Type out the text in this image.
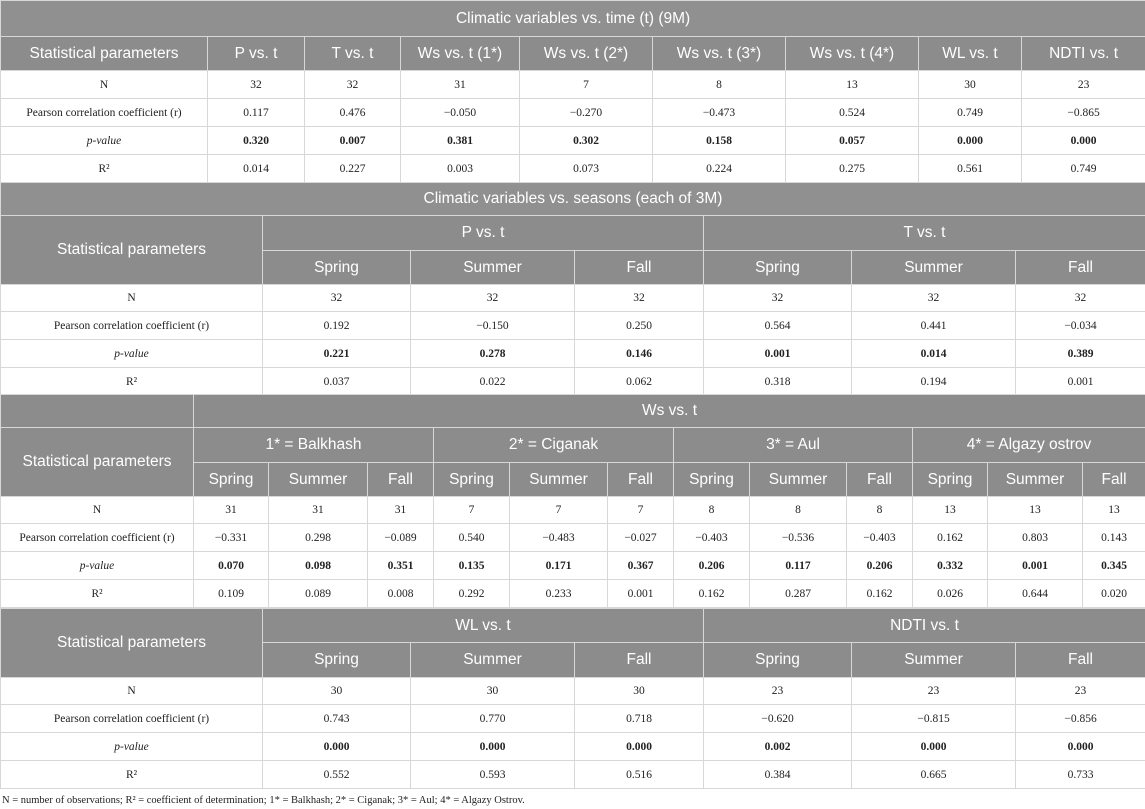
Climatic variables vs. time (t) (9M)								
Statistical parameters	P vs. t	T vs. t	Ws vs. t (1*)	Ws vs. t (2*)	Ws vs. t (3*)	Ws vs. t (4*)	WL vs. t	NDTI vs. t
N	32	32	31	7	8	13	30	23
Pearson correlation coefficient (r)	0.117	0.476	−0.050	−0.270	−0.473	0.524	0.749	−0.865
p-value	0.320	0.007	0.381	0.302	0.158	0.057	0.000	0.000
R²	0.014	0.227	0.003	0.073	0.224	0.275	0.561	0.749
Climatic variables vs. seasons (each of 3M)						
Statistical parameters	P vs. t			T vs. t		
	Spring	Summer	Fall	Spring	Summer	Fall
N	32	32	32	32	32	32
Pearson correlation coefficient (r)	0.192	−0.150	0.250	0.564	0.441	−0.034
p-value	0.221	0.278	0.146	0.001	0.014	0.389
R²	0.037	0.022	0.062	0.318	0.194	0.001
	Ws vs. t											
Statistical parameters	1* = Balkhash			2* = Ciganak			3* = Aul			4* = Algazy ostrov		
	Spring	Summer	Fall	Spring	Summer	Fall	Spring	Summer	Fall	Spring	Summer	Fall
N	31	31	31	7	7	7	8	8	8	13	13	13
Pearson correlation coefficient (r)	−0.331	0.298	−0.089	0.540	−0.483	−0.027	−0.403	−0.536	−0.403	0.162	0.803	0.143
p-value	0.070	0.098	0.351	0.135	0.171	0.367	0.206	0.117	0.206	0.332	0.001	0.345
R²	0.109	0.089	0.008	0.292	0.233	0.001	0.162	0.287	0.162	0.026	0.644	0.020
Statistical parameters	WL vs. t			NDTI vs. t		
	Spring	Summer	Fall	Spring	Summer	Fall
N	30	30	30	23	23	23
Pearson correlation coefficient (r)	0.743	0.770	0.718	−0.620	−0.815	−0.856
p-value	0.000	0.000	0.000	0.002	0.000	0.000
R²	0.552	0.593	0.516	0.384	0.665	0.733
N = number of observations; R² = coefficient of determination; 1* = Balkhash; 2* = Ciganak; 3* = Aul; 4* = Algazy Ostrov.
